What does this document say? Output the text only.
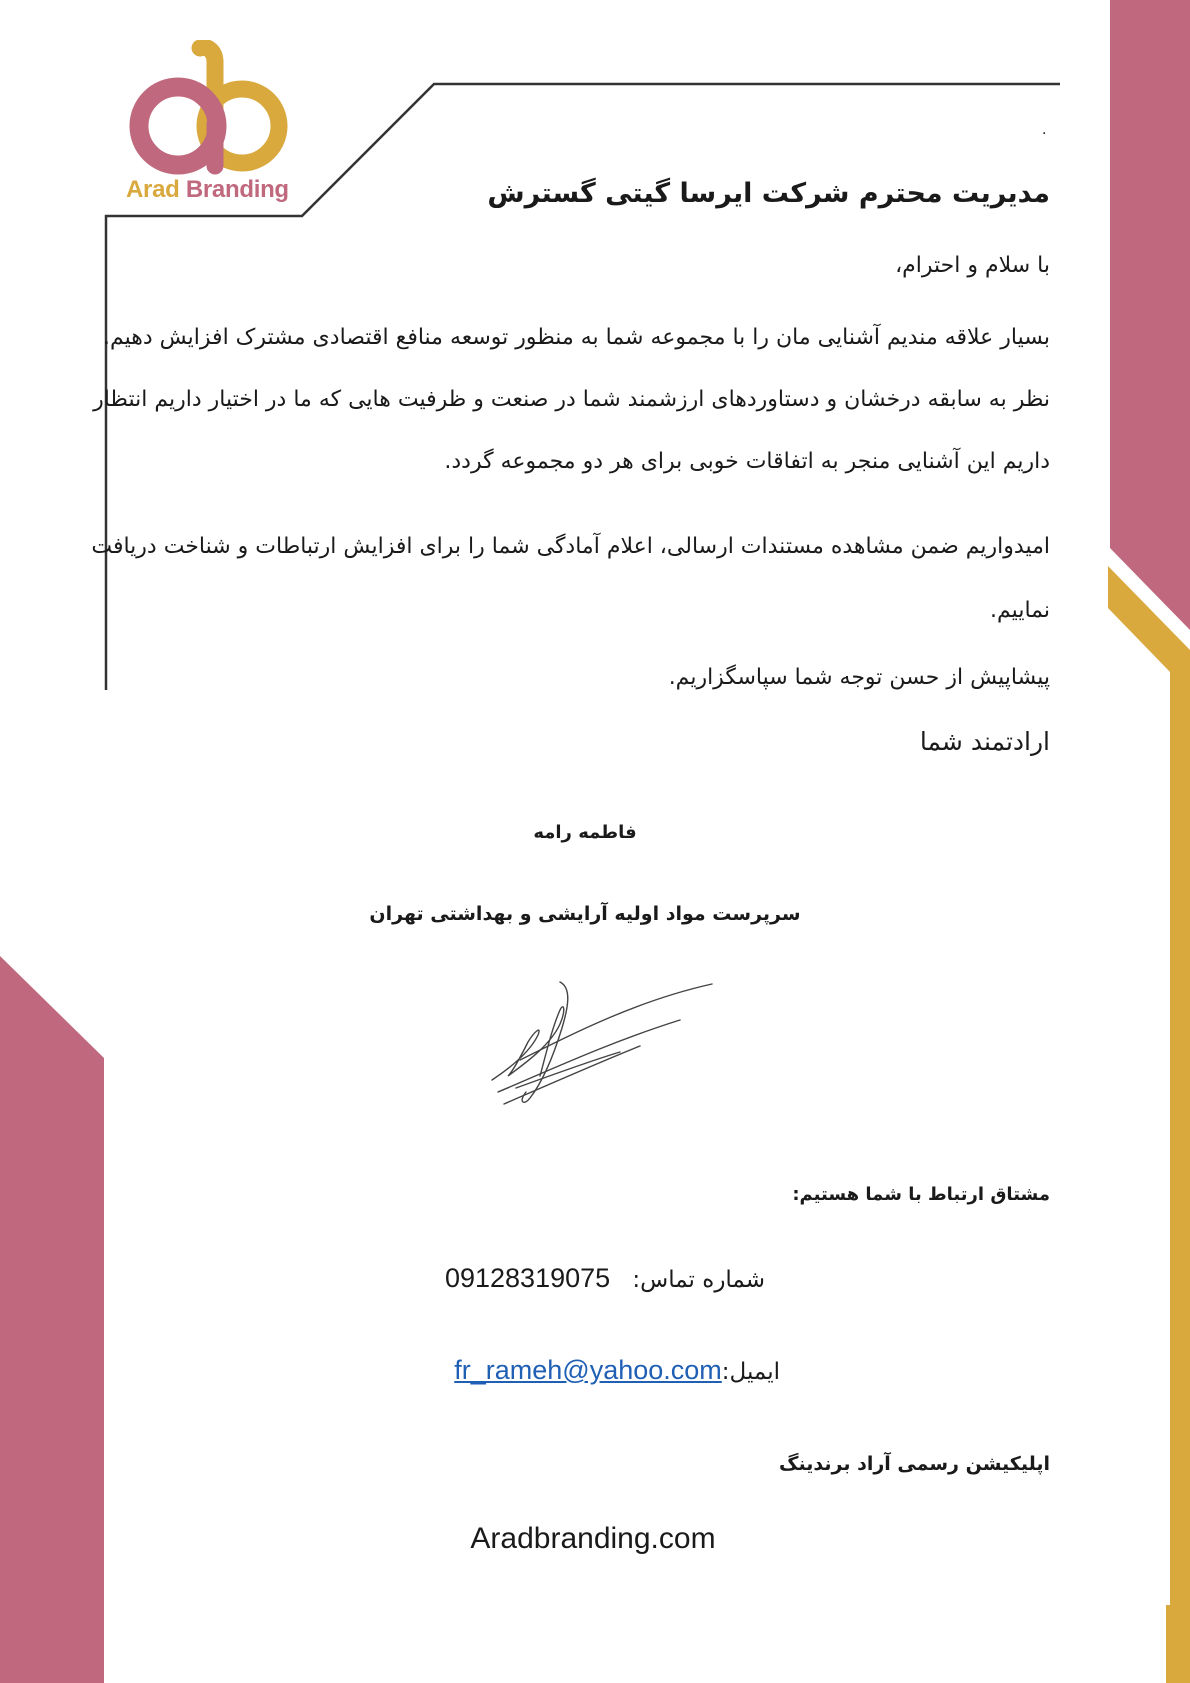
Arad Branding
.
مدیریت محترم شرکت ایرسا گیتی گسترش
با سلام و احترام،
بسیار علاقه مندیم آشنایی مان را با مجموعه شما به منظور توسعه منافع اقتصادی مشترک افزایش دهیم.
نظر به سابقه درخشان و دستاوردهای ارزشمند شما در صنعت و ظرفیت هایی که ما در اختیار داریم انتظار
داریم این آشنایی منجر به اتفاقات خوبی برای هر دو مجموعه گردد.
امیدواریم ضمن مشاهده مستندات ارسالی، اعلام آمادگی شما را برای افزایش ارتباطات و شناخت دریافت
نماییم.
پیشاپیش از حسن توجه شما سپاسگزاریم.
ارادتمند شما
فاطمه رامه
سرپرست مواد اولیه آرایشی و بهداشتی تهران
مشتاق ارتباط با شما هستیم:
شماره تماس: 09128319075
ایمیل:fr_rameh@yahoo.com
اپلیکیشن رسمی آراد برندینگ
Aradbranding.com
